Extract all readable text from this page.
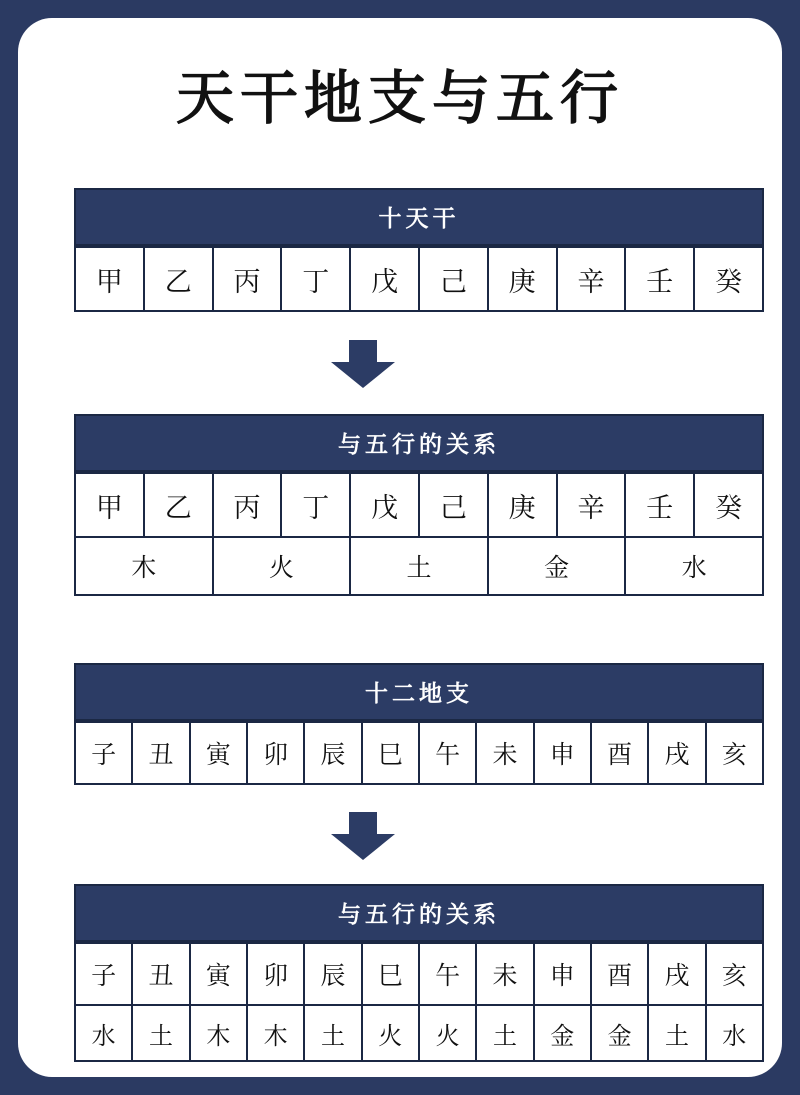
天干地支与五行
十天干
甲	乙	丙	丁	戊	己	庚	辛	壬	癸
与五行的关系
甲	乙	丙	丁	戊	己	庚	辛	壬	癸
木		火		土		金		水	
十二地支
子	丑	寅	卯	辰	巳	午	未	申	酉	戌	亥
与五行的关系
子	丑	寅	卯	辰	巳	午	未	申	酉	戌	亥
水	土	木	木	土	火	火	土	金	金	土	水
